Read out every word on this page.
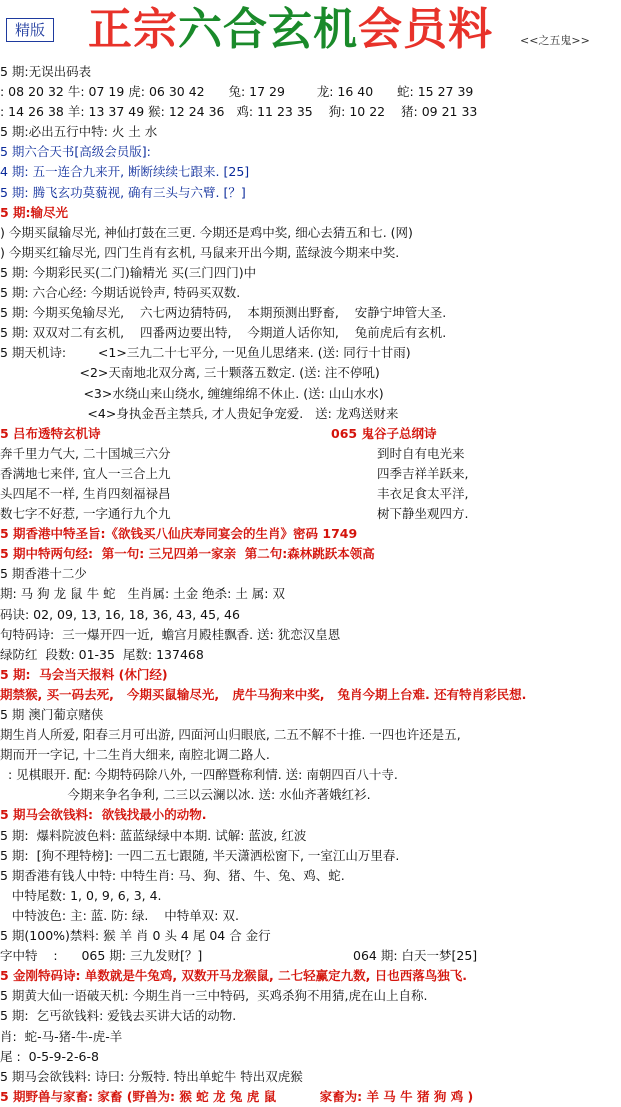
精版 正宗六合玄机会员料	<<之五鬼>>
5 期:无误出码表
: 08 20 32 牛: 07 19 虎: 06 30 42      兔: 17 29        龙: 16 40      蛇: 15 27 39
: 14 26 38 羊: 13 37 49 猴: 12 24 36   鸡: 11 23 35    狗: 10 22    猪: 09 21 33
5 期:必出五行中特: 火 土 水
5 期六合天书[高级会员版]:
4 期: 五一连合九来开, 断断续续七跟来. [25]
5 期: 腾飞玄功莫藐视, 确有三头与六臂. [？]
5 期:输尽光
) 今期买鼠输尽光, 神仙打鼓在三更. 今期还是鸡中奖, 细心去猜五和七. (网)
) 今期买红输尽光, 四门生肖有玄机, 马鼠来开出今期, 蓝绿波今期来中奖.
5 期: 今期彩民买(二门)输精光 买(三门四门)中
5 期: 六合心经: 今期话说铃声, 特码买双数.
5 期: 今期买兔输尽光,    六七两边猜特码,    本期预测出野畜,    安静宁坤管大圣.
5 期: 双双对二有玄机,    四番两边要出特,    今期道人话你知,    兔前虎后有玄机.
5 期天机诗:        <1>三九二十七平分, 一见鱼儿思绪来. (送: 同行十甘雨)
<2>天南地北双分离, 三十颗落五数定. (送: 注不停吼)
<3>水绕山来山绕水, 缠缠绵绵不休止. (送: 山山水水)
<4>身执金吾主禁兵, 才人贵妃争宠爱.   送: 龙鸡送财来
5 吕布透特玄机诗	065 鬼谷子总纲诗
奔千里力气大, 二十国城三六分	到时自有电光来
香满地七来伴, 宜人一三合上九	四季吉祥羊跃来,
头四尾不一样, 生肖四刻福禄昌	丰衣足食太平洋,
数七字不好惹, 一字通行九个九	树下静坐观四方.
5 期香港中特圣旨:《欲钱买八仙庆寿同宴会的生肖》密码 1749
5 期中特两句经:  第一句: 三兄四弟一家亲  第二句:森林跳跃本领高
5 期香港十二少
期: 马 狗 龙 鼠 牛 蛇   生肖属: 土金 绝杀: 土 属: 双
码诀: 02, 09, 13, 16, 18, 36, 43, 45, 46
句特码诗:  三一爆开四一近,  蟾宫月殿桂飘香. 送: 犹恋汉皇恩
绿防红  段数: 01-35  尾数: 137468
5 期:  马会当天报料 (休门经)
期禁猴, 买一码去死,   今期买鼠输尽光,   虎牛马狗来中奖,   兔肖今期上台难. 还有特肖彩民想.
5 期 澳门葡京赌侠
期生肖人所爱, 阳春三月可出游, 四面河山归眼底, 二五不解不十推. 一四也许还是五,
期而开一字记, 十二生肖大细来, 南腔北调二路人.
: 见棋眼开. 配: 今期特码除八外, 一四醉暨称利情. 送: 南朝四百八十寺.
今期来争名争利, 二三以云澜以冰. 送: 水仙齐著娥红衫.
5 期马会欲钱料:  欲钱找最小的动物.
5 期:  爆料院波色料: 蓝蓝绿绿中本期. 试解: 蓝波, 红波
5 期:  [狗不理特榜]: 一四二五七跟随, 半天潇洒松窗下, 一室江山万里春.
5 期香港有钱人中特: 中特生肖: 马、狗、猪、牛、兔、鸡、蛇.
中特尾数: 1, 0, 9, 6, 3, 4.
中特波色: 主: 蓝. 防: 绿.    中特单双: 双.
5 期(100%)禁料: 猴 羊 肖 0 头 4 尾 04 合 金行
字中特    :      065 期: 三九发财[？]	064 期: 白天一梦[25]
5 金刚特码诗: 单数就是牛兔鸡, 双数开马龙猴鼠, 二七轻赢定九数, 日也西落鸟独飞.
5 期黄大仙一语破天机: 今期生肖一三中特码,  买鸡杀狗不用猜,虎在山上自称.
5 期:  乞丐欲钱料: 爱钱去买讲大话的动物.
肖:  蛇-马-猪-牛-虎-羊
尾 :  0-5-9-2-6-8
5 期马会欲钱料: 诗曰: 分叛特. 特出单蛇牛 特出双虎猴
5 期野兽与家畜: 家畜 (野兽为: 猴 蛇 龙 兔 虎 鼠          家畜为: 羊 马 牛 猪 狗 鸡 )
